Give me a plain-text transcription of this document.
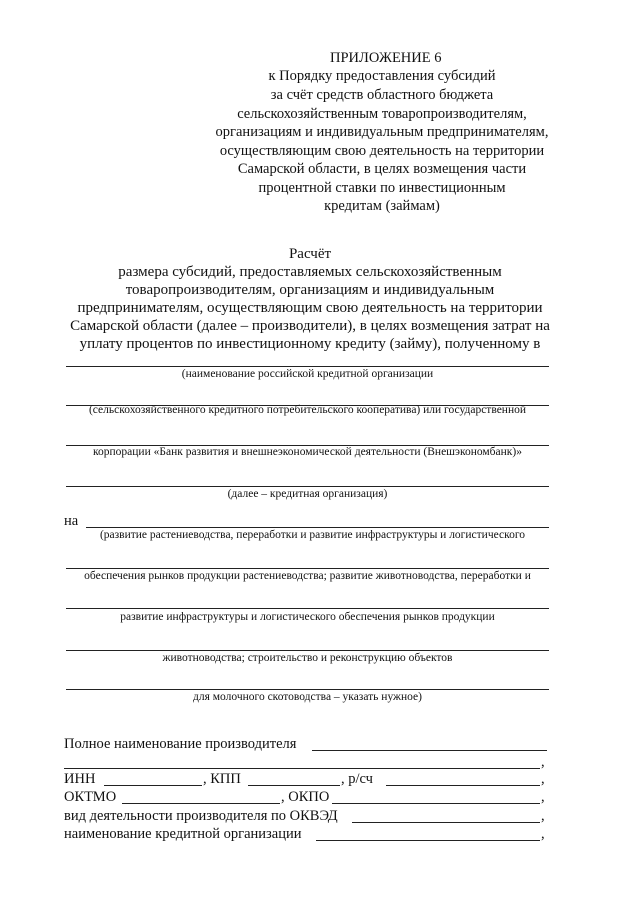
ПРИЛОЖЕНИЕ 6
к Порядку предоставления субсидий
за счёт средств областного бюджета
сельскохозяйственным товаропроизводителям,
организациям и индивидуальным предпринимателям,
осуществляющим свою деятельность на территории
Самарской области, в целях возмещения части
процентной ставки по инвестиционным
кредитам (займам)
Расчёт
размера субсидий, предоставляемых сельскохозяйственным
товаропроизводителям, организациям и индивидуальным
предпринимателям, осуществляющим свою деятельность на территории
Самарской области (далее – производители), в целях возмещения затрат на
уплату процентов по инвестиционному кредиту (займу), полученному в
(наименование российской кредитной организации
(сельскохозяйственного кредитного потребительского кооператива) или государственной
корпорации «Банк развития и внешнеэкономической деятельности (Внешэкономбанк)»
(далее – кредитная организация)
на
(развитие растениеводства, переработки и развитие инфраструктуры и логистического
обеспечения рынков продукции растениеводства; развитие животноводства, переработки и
развитие инфраструктуры и логистического обеспечения рынков продукции
животноводства; строительство и реконструкцию объектов
для молочного скотоводства – указать нужное)
Полное наименование производителя
,
ИНН	, КПП	, р/сч	,
ОКТМО	, ОКПО	,
вид деятельности производителя по ОКВЭД	,
наименование кредитной организации	,
